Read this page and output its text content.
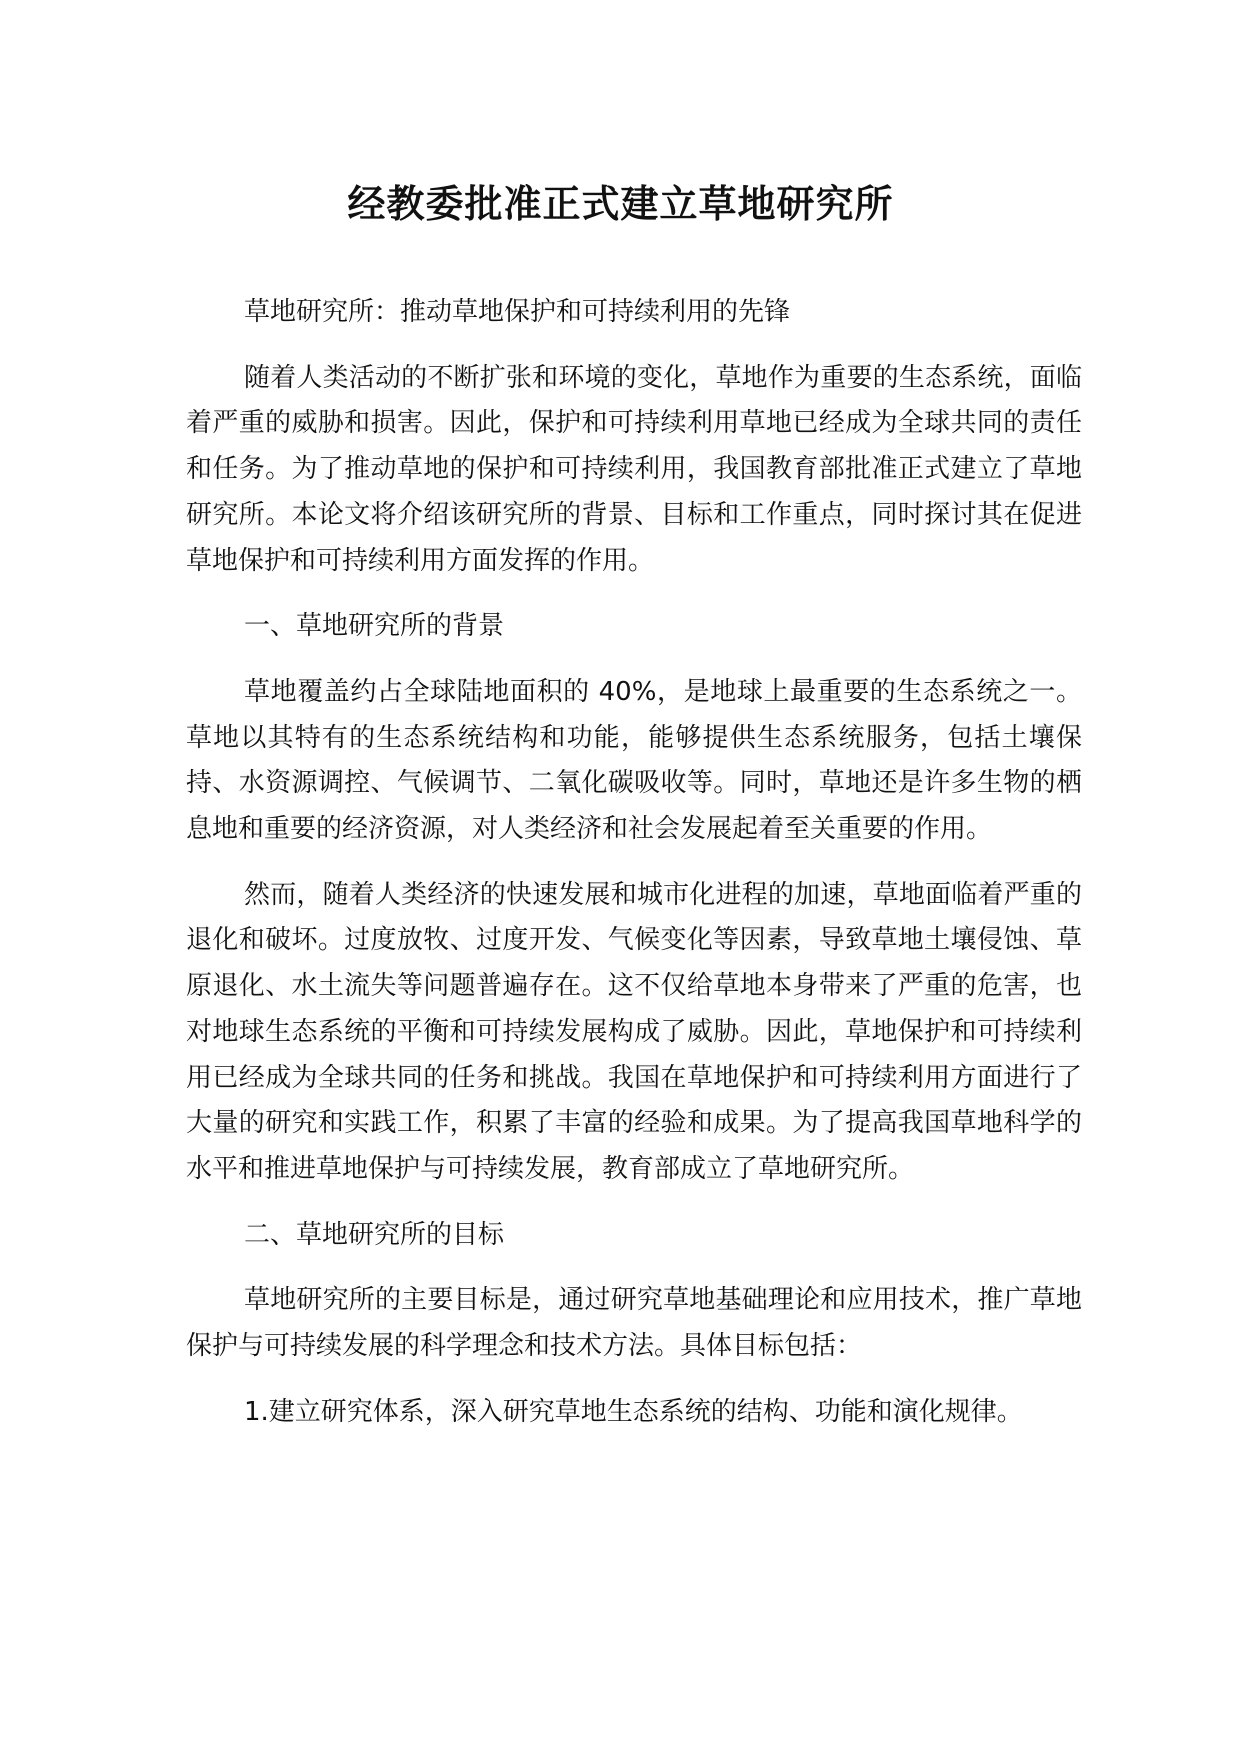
经教委批准正式建立草地研究所

草地研究所：推动草地保护和可持续利用的先锋

随着人类活动的不断扩张和环境的变化，草地作为重要的生态系统，面临着严重的威胁和损害。因此，保护和可持续利用草地已经成为全球共同的责任和任务。为了推动草地的保护和可持续利用，我国教育部批准正式建立了草地研究所。本论文将介绍该研究所的背景、目标和工作重点，同时探讨其在促进草地保护和可持续利用方面发挥的作用。

一、草地研究所的背景

草地覆盖约占全球陆地面积的 40%，是地球上最重要的生态系统之一。草地以其特有的生态系统结构和功能，能够提供生态系统服务，包括土壤保持、水资源调控、气候调节、二氧化碳吸收等。同时，草地还是许多生物的栖息地和重要的经济资源，对人类经济和社会发展起着至关重要的作用。

然而，随着人类经济的快速发展和城市化进程的加速，草地面临着严重的退化和破坏。过度放牧、过度开发、气候变化等因素，导致草地土壤侵蚀、草原退化、水土流失等问题普遍存在。这不仅给草地本身带来了严重的危害，也对地球生态系统的平衡和可持续发展构成了威胁。因此，草地保护和可持续利用已经成为全球共同的任务和挑战。我国在草地保护和可持续利用方面进行了大量的研究和实践工作，积累了丰富的经验和成果。为了提高我国草地科学的水平和推进草地保护与可持续发展，教育部成立了草地研究所。

二、草地研究所的目标

草地研究所的主要目标是，通过研究草地基础理论和应用技术，推广草地保护与可持续发展的科学理念和技术方法。具体目标包括：

1.建立研究体系，深入研究草地生态系统的结构、功能和演化规律。
